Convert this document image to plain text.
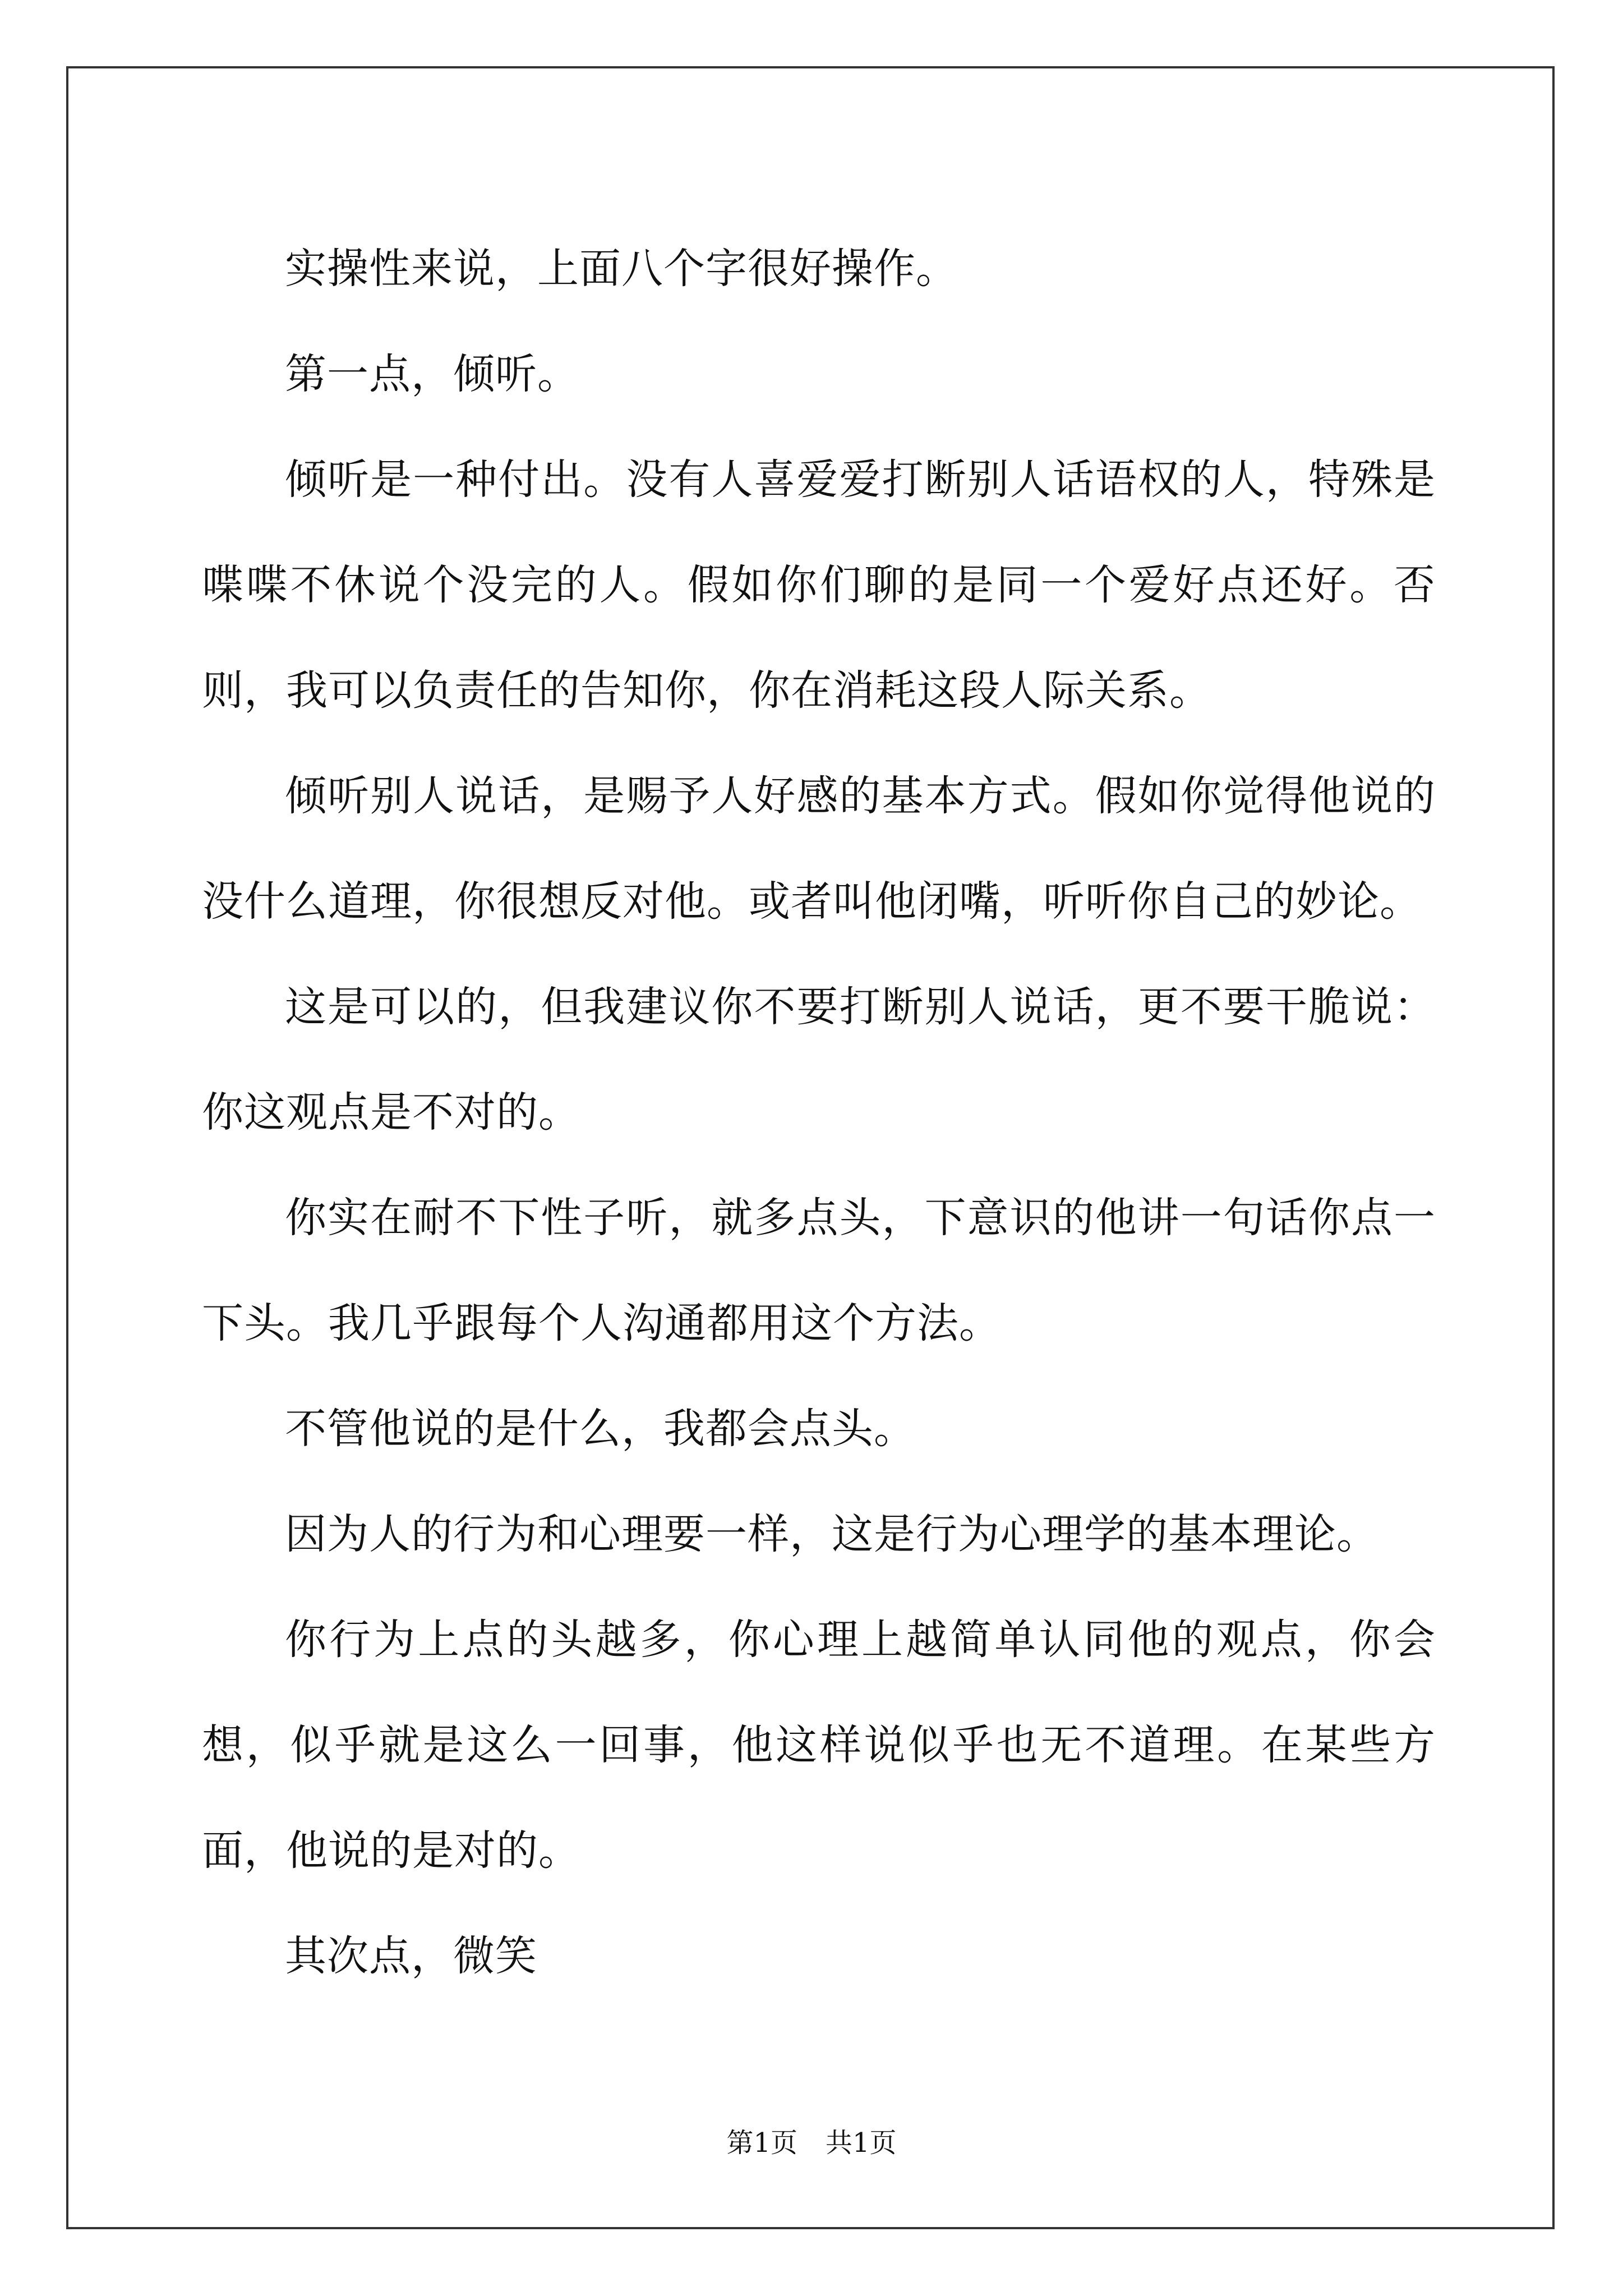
实操性来说，上面八个字很好操作。

第一点，倾听。

倾听是一种付出。没有人喜爱爱打断别人话语权的人，特殊是喋喋不休说个没完的人。假如你们聊的是同一个爱好点还好。否则，我可以负责任的告知你，你在消耗这段人际关系。

倾听别人说话，是赐予人好感的基本方式。假如你觉得他说的没什么道理，你很想反对他。或者叫他闭嘴，听听你自己的妙论。

这是可以的，但我建议你不要打断别人说话，更不要干脆说：你这观点是不对的。

你实在耐不下性子听，就多点头，下意识的他讲一句话你点一下头。我几乎跟每个人沟通都用这个方法。

不管他说的是什么，我都会点头。

因为人的行为和心理要一样，这是行为心理学的基本理论。

你行为上点的头越多，你心理上越简单认同他的观点，你会想，似乎就是这么一回事，他这样说似乎也无不道理。在某些方面，他说的是对的。

其次点，微笑

第1页 共1页
